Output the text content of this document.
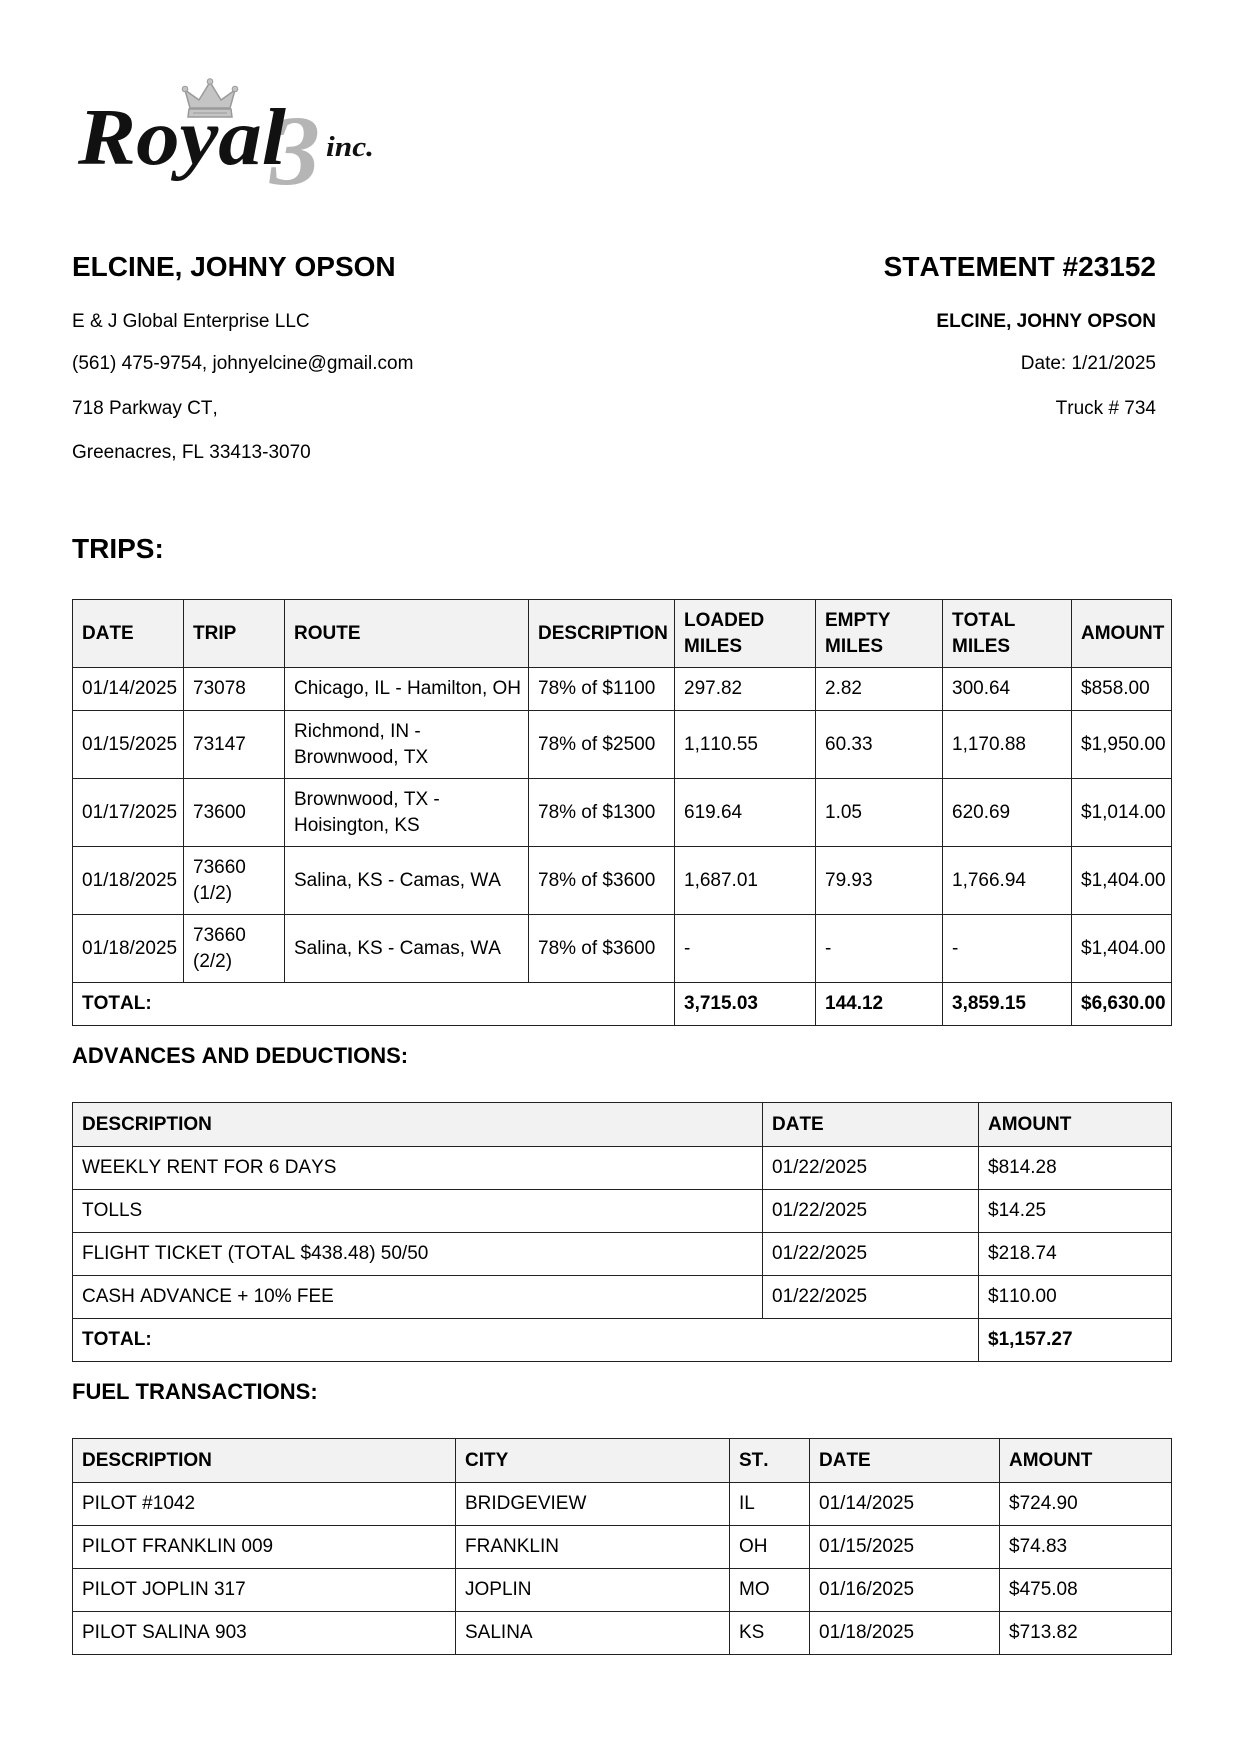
3
Royal inc.
ELCINE, JOHNY OPSON
E & J Global Enterprise LLC
(561) 475-9754, johnyelcine@gmail.com
718 Parkway CT,
Greenacres, FL 33413-3070
STATEMENT #23152
ELCINE, JOHNY OPSON
Date: 1/21/2025
Truck # 734
TRIPS:
DATE	TRIP	ROUTE	DESCRIPTION	LOADED MILES	EMPTY MILES	TOTAL MILES	AMOUNT
01/14/2025	73078	Chicago, IL - Hamilton, OH	78% of $1100	297.82	2.82	300.64	$858.00
01/15/2025	73147	Richmond, IN - Brownwood, TX	78% of $2500	1,110.55	60.33	1,170.88	$1,950.00
01/17/2025	73600	Brownwood, TX - Hoisington, KS	78% of $1300	619.64	1.05	620.69	$1,014.00
01/18/2025	73660 (1/2)	Salina, KS - Camas, WA	78% of $3600	1,687.01	79.93	1,766.94	$1,404.00
01/18/2025	73660 (2/2)	Salina, KS - Camas, WA	78% of $3600	-	-	-	$1,404.00
TOTAL:				3,715.03	144.12	3,859.15	$6,630.00
ADVANCES AND DEDUCTIONS:
DESCRIPTION	DATE	AMOUNT
WEEKLY RENT FOR 6 DAYS	01/22/2025	$814.28
TOLLS	01/22/2025	$14.25
FLIGHT TICKET (TOTAL $438.48) 50/50	01/22/2025	$218.74
CASH ADVANCE + 10% FEE	01/22/2025	$110.00
TOTAL:		$1,157.27
FUEL TRANSACTIONS:
DESCRIPTION	CITY	ST.	DATE	AMOUNT
PILOT #1042	BRIDGEVIEW	IL	01/14/2025	$724.90
PILOT FRANKLIN 009	FRANKLIN	OH	01/15/2025	$74.83
PILOT JOPLIN 317	JOPLIN	MO	01/16/2025	$475.08
PILOT SALINA 903	SALINA	KS	01/18/2025	$713.82
